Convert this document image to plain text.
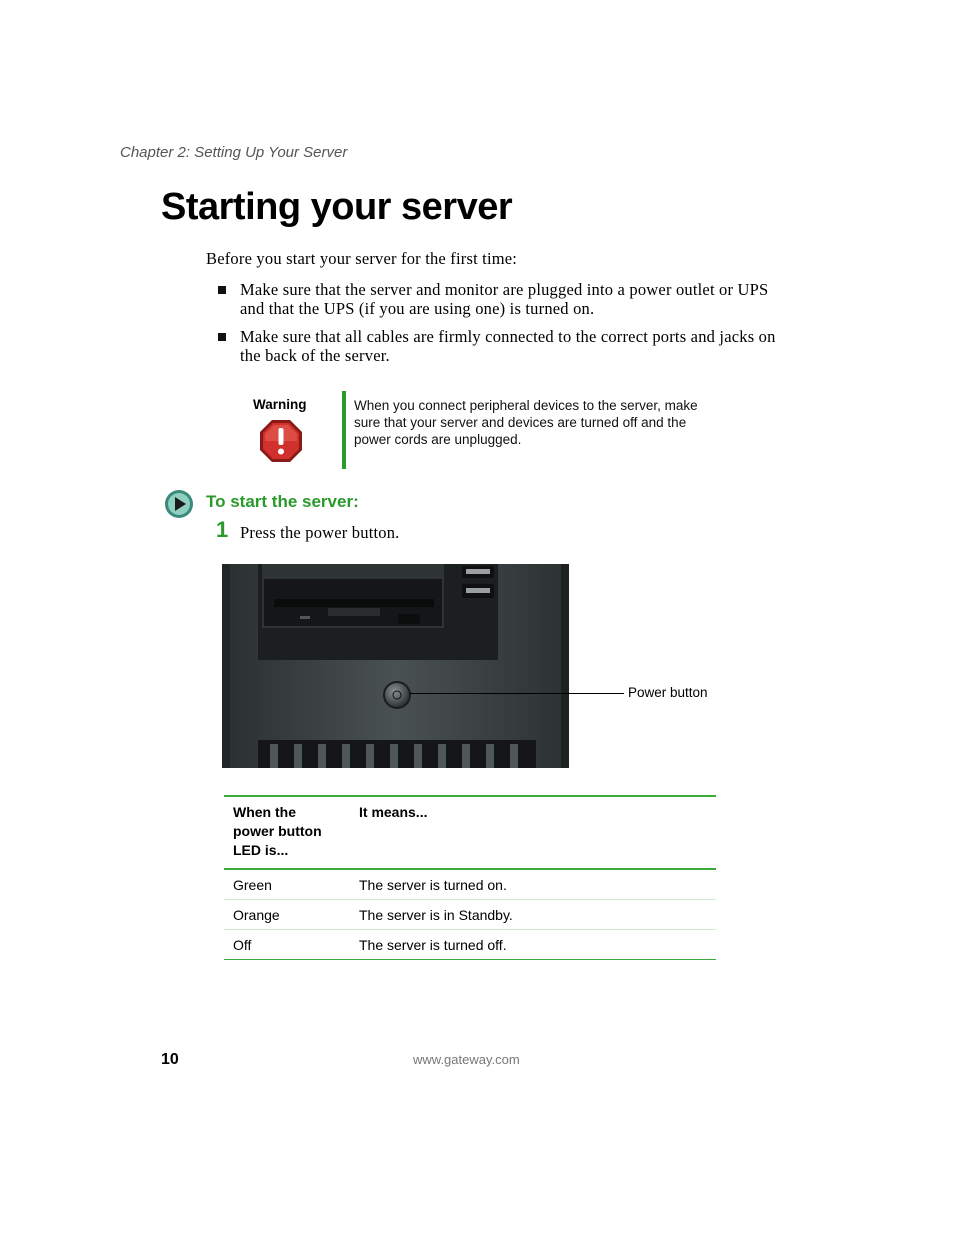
Chapter 2: Setting Up Your Server
Starting your server
Before you start your server for the first time:
Make sure that the server and monitor are plugged into a power outlet or UPS and that the UPS (if you are using one) is turned on.
Make sure that all cables are firmly connected to the correct ports and jacks on the back of the server.
Warning	When you connect peripheral devices to the server, make sure that your server and devices are turned off and the power cords are unplugged.
To start the server:
1 Press the power button.
Power button
When the power button LED is...	It means...
Green	The server is turned on.
Orange	The server is in Standby.
Off	The server is turned off.
10	www.gateway.com
